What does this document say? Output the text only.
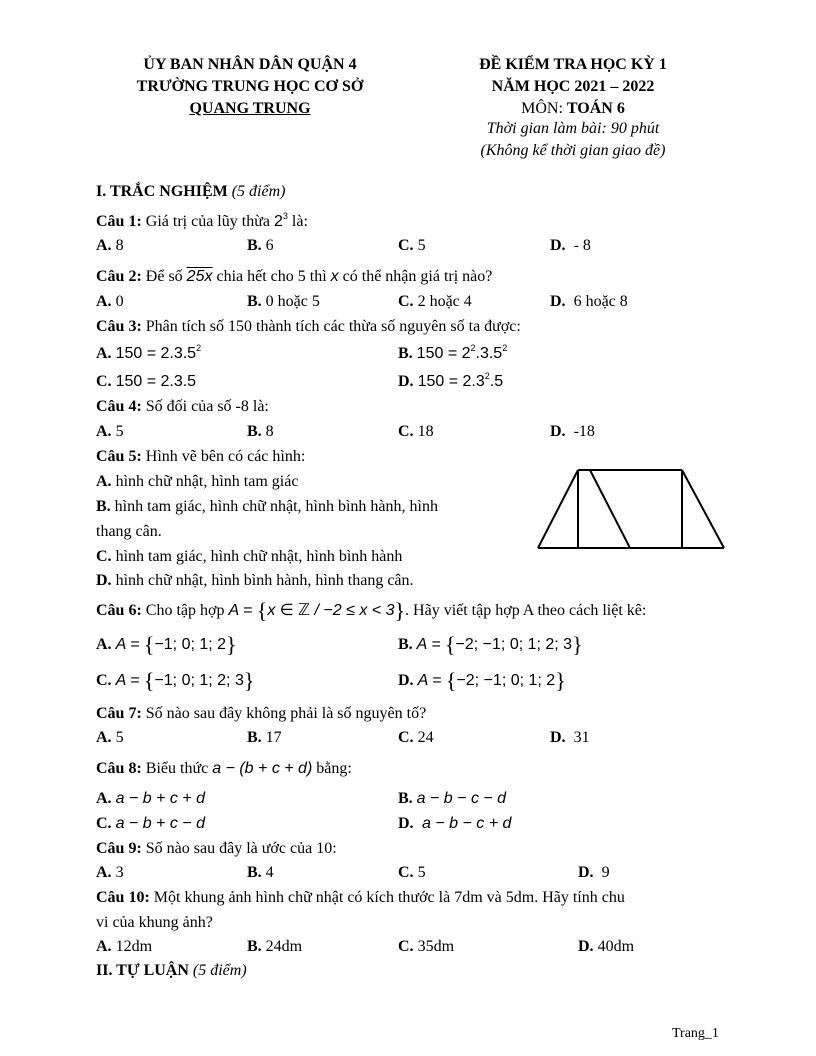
ỦY BAN NHÂN DÂN QUẬN 4
TRƯỜNG TRUNG HỌC CƠ SỞ
QUANG TRUNG
ĐỀ KIỂM TRA HỌC KỲ 1
NĂM HỌC 2021 – 2022
MÔN: TOÁN 6
Thời gian làm bài: 90 phút
(Không kể thời gian giao đề)
I. TRẮC NGHIỆM (5 điểm)
Câu 1: Giá trị của lũy thừa $2^3$ là:
A. 8	B. 6	C. 5	D. - 8
Câu 2: Để số 25x chia hết cho 5 thì x có thể nhận giá trị nào?
A. 0	B. 0 hoặc 5	C. 2 hoặc 4	D. 6 hoặc 8
Câu 3: Phân tích số 150 thành tích các thừa số nguyên số ta được:
A. $150 = 2.3.5^2$	B. $150 = 2^2.3.5^2$
C. 150 = 2.3.5	D. $150 = 2.3^2.5$
Câu 4: Số đối của số -8 là:
A. 5	B. 8	C. 18	D. -18
Câu 5: Hình vẽ bên có các hình:
A. hình chữ nhật, hình tam giác
B. hình tam giác, hình chữ nhật, hình bình hành, hình
thang cân.
C. hình tam giác, hình chữ nhật, hình bình hành
D. hình chữ nhật, hình bình hành, hình thang cân.
Câu 6: Cho tập hợp A = {x ∈ ℤ / −2 ≤ x < 3}. Hãy viết tập hợp A theo cách liệt kê:
A. A = {−1; 0; 1; 2}	B. A = {−2; −1; 0; 1; 2; 3}
C. A = {−1; 0; 1; 2; 3}	D. A = {−2; −1; 0; 1; 2}
Câu 7: Số nào sau đây không phải là số nguyên tố?
A. 5	B. 17	C. 24	D. 31
Câu 8: Biểu thức a − (b + c + d) bằng:
A. a − b + c + d	B. a − b − c − d
C. a − b + c − d	D. a − b − c + d
Câu 9: Số nào sau đây là ước của 10:
A. 3	B. 4	C. 5	D. 9
Câu 10: Một khung ảnh hình chữ nhật có kích thước là 7dm và 5dm. Hãy tính chu
vi của khung ảnh?
A. 12dm	B. 24dm	C. 35dm	D. 40dm
II. TỰ LUẬN (5 điểm)
Trang_1
